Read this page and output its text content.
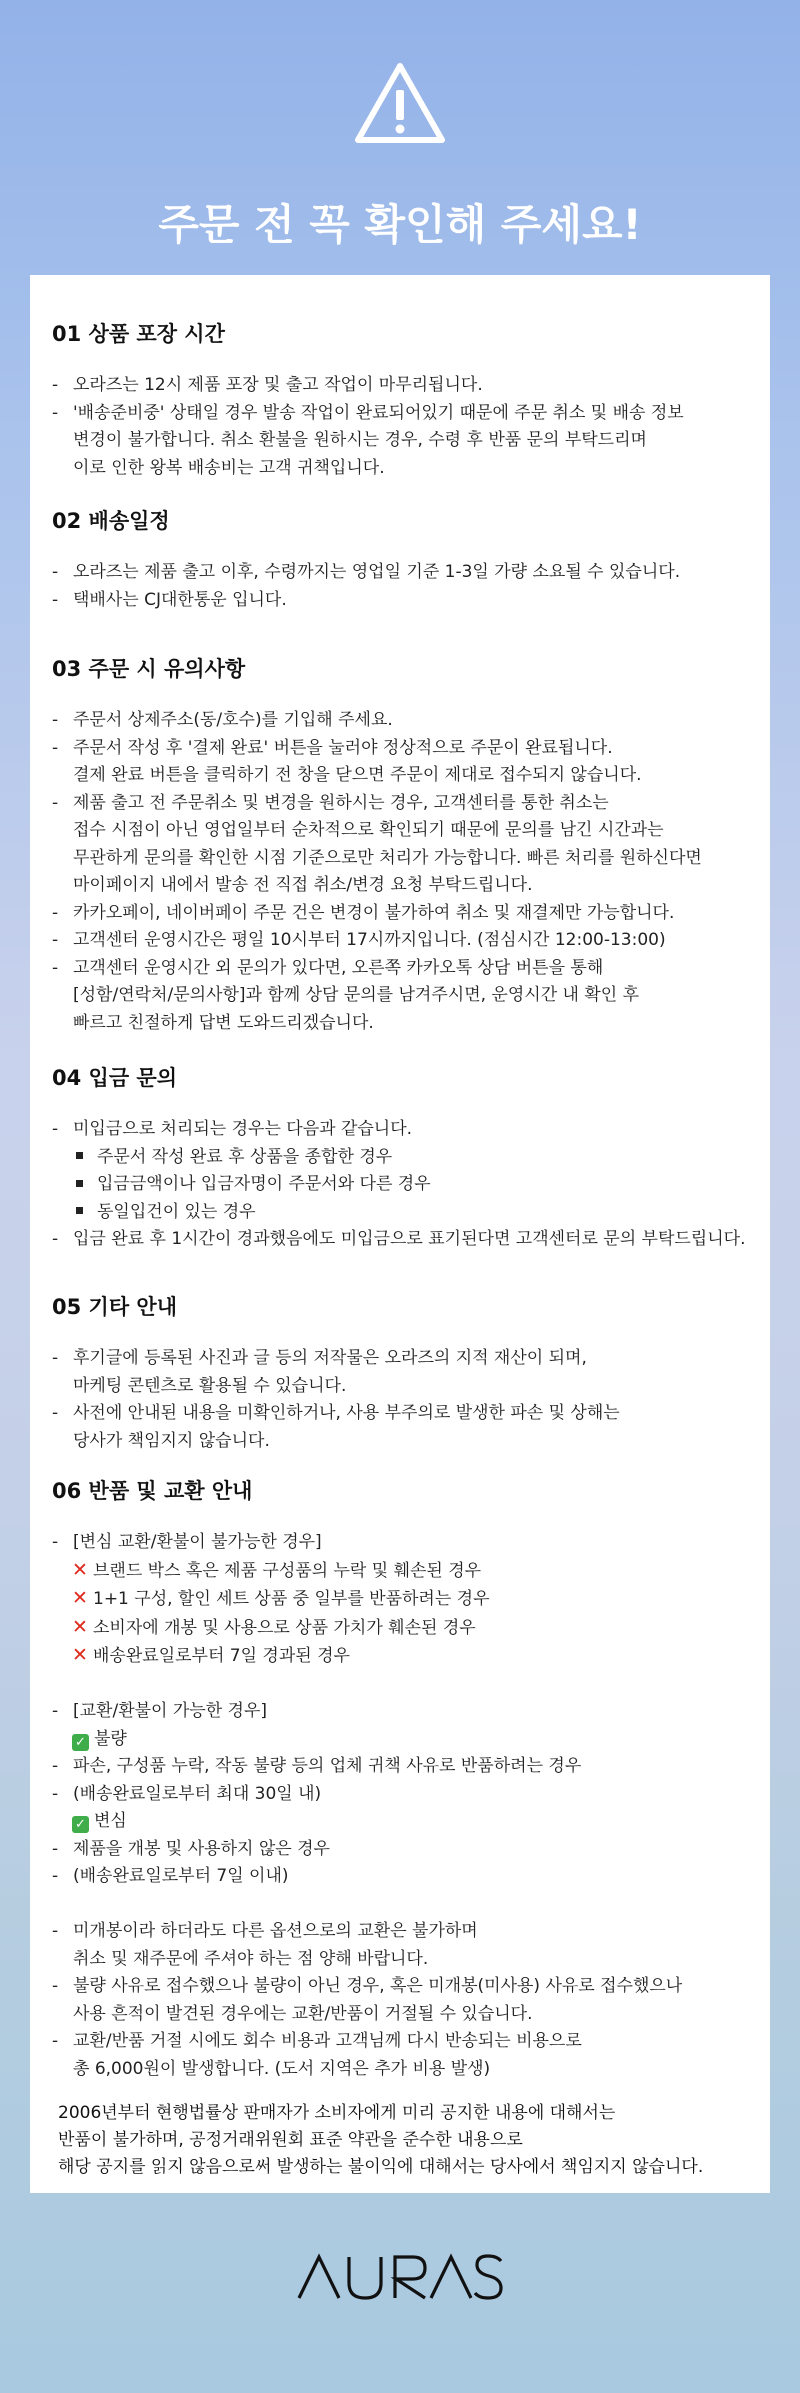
주문 전 꼭 확인해 주세요!
01 상품 포장 시간
- 오라즈는 12시 제품 포장 및 출고 작업이 마무리됩니다.
- '배송준비중' 상태일 경우 발송 작업이 완료되어있기 때문에 주문 취소 및 배송 정보
변경이 불가합니다. 취소 환불을 원하시는 경우, 수령 후 반품 문의 부탁드리며
이로 인한 왕복 배송비는 고객 귀책입니다.
02 배송일정
- 오라즈는 제품 출고 이후, 수령까지는 영업일 기준 1-3일 가량 소요될 수 있습니다.
- 택배사는 CJ대한통운 입니다.
03 주문 시 유의사항
- 주문서 상제주소(동/호수)를 기입해 주세요.
- 주문서 작성 후 '결제 완료' 버튼을 눌러야 정상적으로 주문이 완료됩니다.
결제 완료 버튼을 클릭하기 전 창을 닫으면 주문이 제대로 접수되지 않습니다.
- 제품 출고 전 주문취소 및 변경을 원하시는 경우, 고객센터를 통한 취소는
접수 시점이 아닌 영업일부터 순차적으로 확인되기 때문에 문의를 남긴 시간과는
무관하게 문의를 확인한 시점 기준으로만 처리가 가능합니다. 빠른 처리를 원하신다면
마이페이지 내에서 발송 전 직접 취소/변경 요청 부탁드립니다.
- 카카오페이, 네이버페이 주문 건은 변경이 불가하여 취소 및 재결제만 가능합니다.
- 고객센터 운영시간은 평일 10시부터 17시까지입니다. (점심시간 12:00-13:00)
- 고객센터 운영시간 외 문의가 있다면, 오른쪽 카카오톡 상담 버튼을 통해
[성함/연락처/문의사항]과 함께 상담 문의를 남겨주시면, 운영시간 내 확인 후
빠르고 친절하게 답변 도와드리겠습니다.
04 입금 문의
- 미입금으로 처리되는 경우는 다음과 같습니다.
주문서 작성 완료 후 상품을 종합한 경우
입금금액이나 입금자명이 주문서와 다른 경우
동일입건이 있는 경우
- 입금 완료 후 1시간이 경과했음에도 미입금으로 표기된다면 고객센터로 문의 부탁드립니다.
05 기타 안내
- 후기글에 등록된 사진과 글 등의 저작물은 오라즈의 지적 재산이 되며,
마케팅 콘텐츠로 활용될 수 있습니다.
- 사전에 안내된 내용을 미확인하거나, 사용 부주의로 발생한 파손 및 상해는
당사가 책임지지 않습니다.
06 반품 및 교환 안내
- [변심 교환/환불이 불가능한 경우]
✕ 브랜드 박스 혹은 제품 구성품의 누락 및 훼손된 경우
✕ 1+1 구성, 할인 세트 상품 중 일부를 반품하려는 경우
✕ 소비자에 개봉 및 사용으로 상품 가치가 훼손된 경우
✕ 배송완료일로부터 7일 경과된 경우
- [교환/환불이 가능한 경우]
✓ 불량
- 파손, 구성품 누락, 작동 불량 등의 업체 귀책 사유로 반품하려는 경우
- (배송완료일로부터 최대 30일 내)
✓ 변심
- 제품을 개봉 및 사용하지 않은 경우
- (배송완료일로부터 7일 이내)
- 미개봉이라 하더라도 다른 옵션으로의 교환은 불가하며
취소 및 재주문에 주셔야 하는 점 양해 바랍니다.
- 불량 사유로 접수했으나 불량이 아닌 경우, 혹은 미개봉(미사용) 사유로 접수했으나
사용 흔적이 발견된 경우에는 교환/반품이 거절될 수 있습니다.
- 교환/반품 거절 시에도 회수 비용과 고객님께 다시 반송되는 비용으로
총 6,000원이 발생합니다. (도서 지역은 추가 비용 발생)
2006년부터 현행법률상 판매자가 소비자에게 미리 공지한 내용에 대해서는
반품이 불가하며, 공정거래위원회 표준 약관을 준수한 내용으로
해당 공지를 읽지 않음으로써 발생하는 불이익에 대해서는 당사에서 책임지지 않습니다.
